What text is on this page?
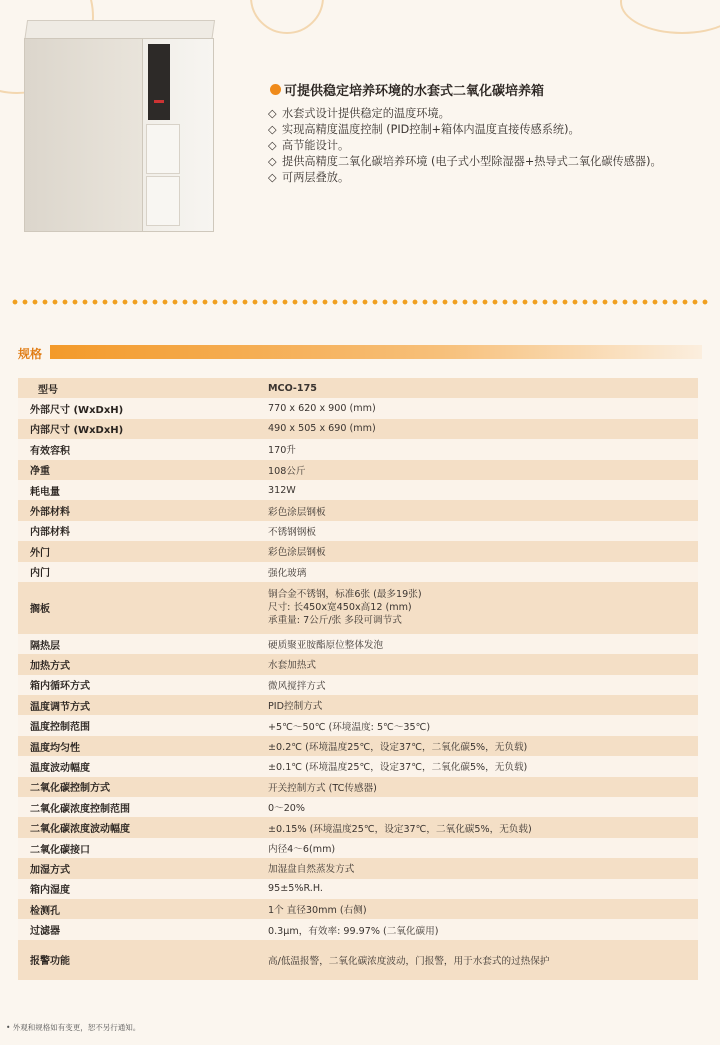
可提供稳定培养环境的水套式二氧化碳培养箱
◇ 水套式设计提供稳定的温度环境。
◇ 实现高精度温度控制 (PID控制+箱体内温度直接传感系统)。
◇ 高节能设计。
◇ 提供高精度二氧化碳培养环境 (电子式小型除湿器+热导式二氧化碳传感器)。
◇ 可两层叠放。
规格
型号	MCO-175
外部尺寸 (WxDxH)	770 x 620 x 900 (mm)
内部尺寸 (WxDxH)	490 x 505 x 690 (mm)
有效容积	170升
净重	108公斤
耗电量	312W
外部材料	彩色涂层钢板
内部材料	不锈钢钢板
外门	彩色涂层钢板
内门	强化玻璃
搁板	铜合金不锈钢，标准6张 (最多19张)
尺寸: 长450x宽450x高12 (mm)
承重量: 7公斤/张 多段可调节式

隔热层	硬质聚亚胺酯原位整体发泡
加热方式	水套加热式
箱内循环方式	微风搅拌方式
温度调节方式	PID控制方式
温度控制范围	+5℃～50℃ (环境温度: 5℃～35℃)
温度均匀性	±0.2℃ (环境温度25℃，设定37℃，二氧化碳5%，无负载)
温度波动幅度	±0.1℃ (环境温度25℃，设定37℃，二氧化碳5%，无负载)
二氧化碳控制方式	开关控制方式 (TC传感器)
二氧化碳浓度控制范围	0～20%
二氧化碳浓度波动幅度	±0.15% (环境温度25℃，设定37℃，二氧化碳5%，无负载)
二氧化碳接口	内径4～6(mm)
加湿方式	加湿盘自然蒸发方式
箱内湿度	95±5%R.H.
检测孔	1个 直径30mm (右侧)
过滤器	0.3μm，有效率: 99.97% (二氧化碳用)
报警功能	高/低温报警，二氧化碳浓度波动，门报警，用于水套式的过热保护
• 外观和规格如有变更，恕不另行通知。
